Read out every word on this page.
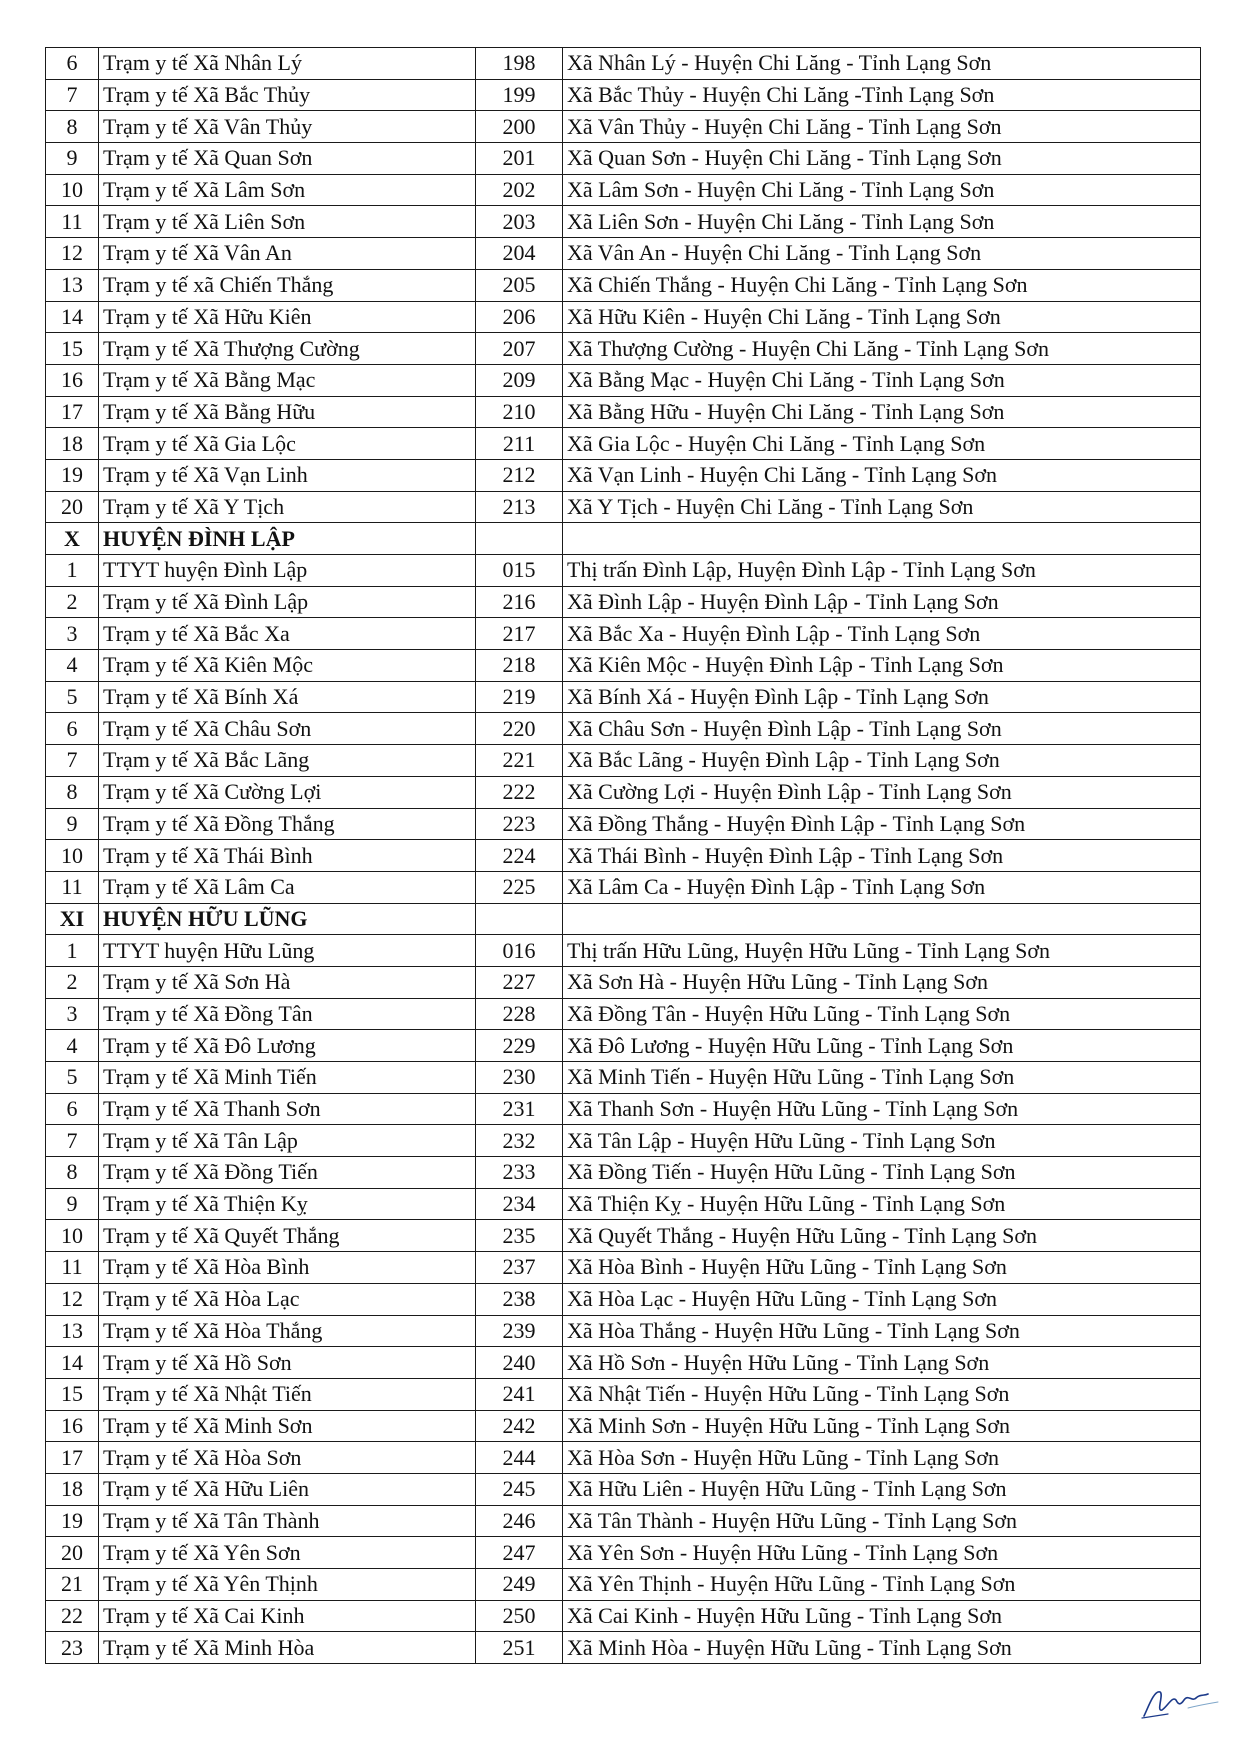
6	Trạm y tế Xã Nhân Lý	198	Xã Nhân Lý - Huyện Chi Lăng - Tỉnh Lạng Sơn
7	Trạm y tế Xã Bắc Thủy	199	Xã Bắc Thủy - Huyện Chi Lăng -Tỉnh Lạng Sơn
8	Trạm y tế Xã Vân Thủy	200	Xã Vân Thủy - Huyện Chi Lăng - Tỉnh Lạng Sơn
9	Trạm y tế Xã Quan Sơn	201	Xã Quan Sơn - Huyện Chi Lăng - Tỉnh Lạng Sơn
10	Trạm y tế Xã Lâm Sơn	202	Xã Lâm Sơn - Huyện Chi Lăng - Tỉnh Lạng Sơn
11	Trạm y tế Xã Liên Sơn	203	Xã Liên Sơn - Huyện Chi Lăng - Tỉnh Lạng Sơn
12	Trạm y tế Xã Vân An	204	Xã Vân An - Huyện Chi Lăng - Tỉnh Lạng Sơn
13	Trạm y tế xã Chiến Thắng	205	Xã Chiến Thắng - Huyện Chi Lăng - Tỉnh Lạng Sơn
14	Trạm y tế Xã Hữu Kiên	206	Xã Hữu Kiên - Huyện Chi Lăng - Tỉnh Lạng Sơn
15	Trạm y tế Xã Thượng Cường	207	Xã Thượng Cường - Huyện Chi Lăng - Tỉnh Lạng Sơn
16	Trạm y tế Xã Bằng Mạc	209	Xã Bằng Mạc - Huyện Chi Lăng - Tỉnh Lạng Sơn
17	Trạm y tế Xã Bằng Hữu	210	Xã Bằng Hữu - Huyện Chi Lăng - Tỉnh Lạng Sơn
18	Trạm y tế Xã Gia Lộc	211	Xã Gia Lộc - Huyện Chi Lăng - Tỉnh Lạng Sơn
19	Trạm y tế Xã Vạn Linh	212	Xã Vạn Linh - Huyện Chi Lăng - Tỉnh Lạng Sơn
20	Trạm y tế Xã Y Tịch	213	Xã Y Tịch - Huyện Chi Lăng - Tỉnh Lạng Sơn
X	HUYỆN ĐÌNH LẬP		
1	TTYT huyện Đình Lập	015	Thị trấn Đình Lập, Huyện Đình Lập - Tỉnh Lạng Sơn
2	Trạm y tế Xã Đình Lập	216	Xã Đình Lập - Huyện Đình Lập - Tỉnh Lạng Sơn
3	Trạm y tế Xã Bắc Xa	217	Xã Bắc Xa - Huyện Đình Lập - Tỉnh Lạng Sơn
4	Trạm y tế Xã Kiên Mộc	218	Xã Kiên Mộc - Huyện Đình Lập - Tỉnh Lạng Sơn
5	Trạm y tế Xã Bính Xá	219	Xã Bính Xá - Huyện Đình Lập - Tỉnh Lạng Sơn
6	Trạm y tế Xã Châu Sơn	220	Xã Châu Sơn - Huyện Đình Lập - Tỉnh Lạng Sơn
7	Trạm y tế Xã Bắc Lãng	221	Xã Bắc Lãng - Huyện Đình Lập - Tỉnh Lạng Sơn
8	Trạm y tế Xã Cường Lợi	222	Xã Cường Lợi - Huyện Đình Lập - Tỉnh Lạng Sơn
9	Trạm y tế Xã Đồng Thắng	223	Xã Đồng Thắng - Huyện Đình Lập - Tỉnh Lạng Sơn
10	Trạm y tế Xã Thái Bình	224	Xã Thái Bình - Huyện Đình Lập - Tỉnh Lạng Sơn
11	Trạm y tế Xã Lâm Ca	225	Xã Lâm Ca - Huyện Đình Lập - Tỉnh Lạng Sơn
XI	HUYỆN HỮU LŨNG		
1	TTYT huyện Hữu Lũng	016	Thị trấn Hữu Lũng, Huyện Hữu Lũng - Tỉnh Lạng Sơn
2	Trạm y tế Xã Sơn Hà	227	Xã Sơn Hà - Huyện Hữu Lũng - Tỉnh Lạng Sơn
3	Trạm y tế Xã Đồng Tân	228	Xã Đồng Tân - Huyện Hữu Lũng - Tỉnh Lạng Sơn
4	Trạm y tế Xã Đô Lương	229	Xã Đô Lương - Huyện Hữu Lũng - Tỉnh Lạng Sơn
5	Trạm y tế Xã Minh Tiến	230	Xã Minh Tiến - Huyện Hữu Lũng - Tỉnh Lạng Sơn
6	Trạm y tế Xã Thanh Sơn	231	Xã Thanh Sơn - Huyện Hữu Lũng - Tỉnh Lạng Sơn
7	Trạm y tế Xã Tân Lập	232	Xã Tân Lập - Huyện Hữu Lũng - Tỉnh Lạng Sơn
8	Trạm y tế Xã Đồng Tiến	233	Xã Đồng Tiến - Huyện Hữu Lũng - Tỉnh Lạng Sơn
9	Trạm y tế Xã Thiện Kỵ	234	Xã Thiện Kỵ - Huyện Hữu Lũng - Tỉnh Lạng Sơn
10	Trạm y tế Xã Quyết Thắng	235	Xã Quyết Thắng - Huyện Hữu Lũng - Tỉnh Lạng Sơn
11	Trạm y tế Xã Hòa Bình	237	Xã Hòa Bình - Huyện Hữu Lũng - Tỉnh Lạng Sơn
12	Trạm y tế Xã Hòa Lạc	238	Xã Hòa Lạc - Huyện Hữu Lũng - Tỉnh Lạng Sơn
13	Trạm y tế Xã Hòa Thắng	239	Xã Hòa Thắng - Huyện Hữu Lũng - Tỉnh Lạng Sơn
14	Trạm y tế Xã Hồ Sơn	240	Xã Hồ Sơn - Huyện Hữu Lũng - Tỉnh Lạng Sơn
15	Trạm y tế Xã Nhật Tiến	241	Xã Nhật Tiến - Huyện Hữu Lũng - Tỉnh Lạng Sơn
16	Trạm y tế Xã Minh Sơn	242	Xã Minh Sơn - Huyện Hữu Lũng - Tỉnh Lạng Sơn
17	Trạm y tế Xã Hòa Sơn	244	Xã Hòa Sơn - Huyện Hữu Lũng - Tỉnh Lạng Sơn
18	Trạm y tế Xã Hữu Liên	245	Xã Hữu Liên - Huyện Hữu Lũng - Tỉnh Lạng Sơn
19	Trạm y tế Xã Tân Thành	246	Xã Tân Thành - Huyện Hữu Lũng - Tỉnh Lạng Sơn
20	Trạm y tế Xã Yên Sơn	247	Xã Yên Sơn - Huyện Hữu Lũng - Tỉnh Lạng Sơn
21	Trạm y tế Xã Yên Thịnh	249	Xã Yên Thịnh - Huyện Hữu Lũng - Tỉnh Lạng Sơn
22	Trạm y tế Xã Cai Kinh	250	Xã Cai Kinh - Huyện Hữu Lũng - Tỉnh Lạng Sơn
23	Trạm y tế Xã Minh Hòa	251	Xã Minh Hòa - Huyện Hữu Lũng - Tỉnh Lạng Sơn
